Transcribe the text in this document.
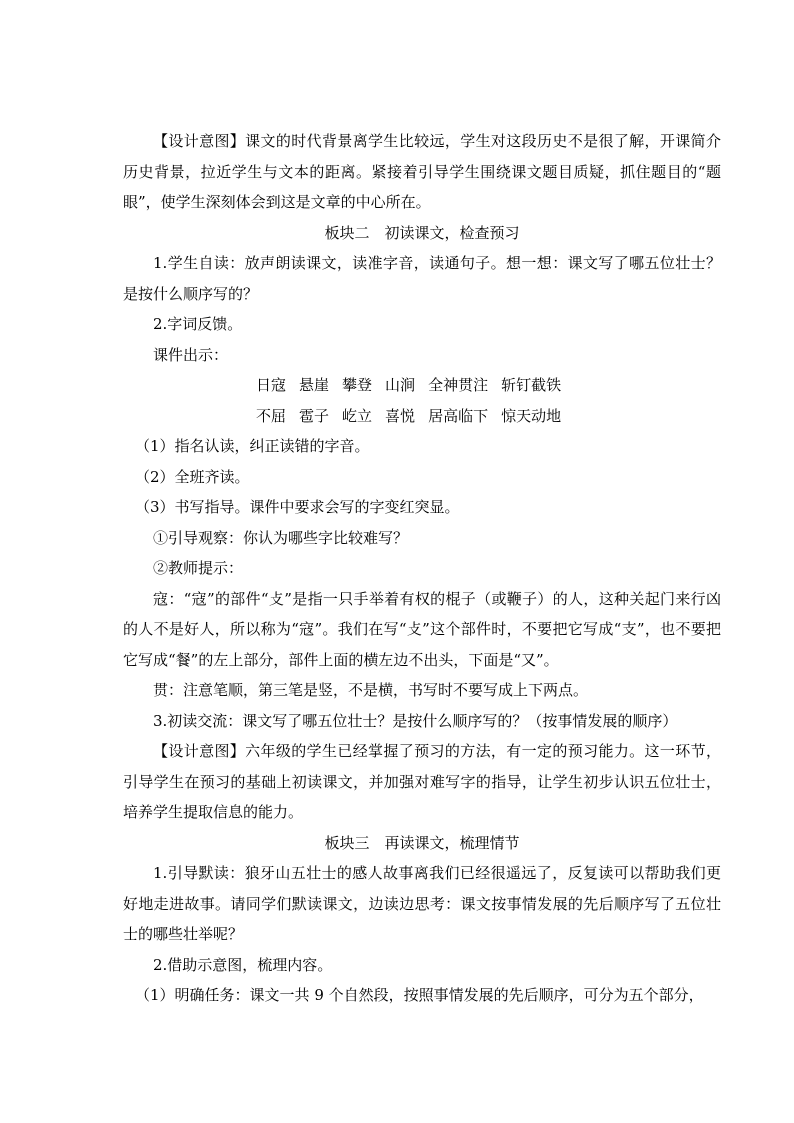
【设计意图】课文的时代背景离学生比较远，学生对这段历史不是很了解，开课简介历史背景，拉近学生与文本的距离。紧接着引导学生围绕课文题目质疑，抓住题目的“题眼”，使学生深刻体会到这是文章的中心所在。

板块二　初读课文，检查预习

1.学生自读：放声朗读课文，读准字音，读通句子。想一想：课文写了哪五位壮士？是按什么顺序写的？

2.字词反馈。

课件出示：

日寇 悬崖 攀登 山涧 全神贯注 斩钉截铁

不屈 雹子 屹立 喜悦 居高临下 惊天动地

（1）指名认读，纠正读错的字音。

（2）全班齐读。

（3）书写指导。课件中要求会写的字变红突显。

①引导观察：你认为哪些字比较难写？

②教师提示：

寇：“寇”的部件“攴”是指一只手举着有权的棍子（或鞭子）的人，这种关起门来行凶的人不是好人，所以称为“寇”。我们在写“攴”这个部件时，不要把它写成“支”，也不要把它写成“餐”的左上部分，部件上面的横左边不出头，下面是“又”。

贯：注意笔顺，第三笔是竖，不是横，书写时不要写成上下两点。

3.初读交流：课文写了哪五位壮士？是按什么顺序写的？（按事情发展的顺序）

【设计意图】六年级的学生已经掌握了预习的方法，有一定的预习能力。这一环节，引导学生在预习的基础上初读课文，并加强对难写字的指导，让学生初步认识五位壮士，培养学生提取信息的能力。

板块三　再读课文，梳理情节

1.引导默读：狼牙山五壮士的感人故事离我们已经很遥远了，反复读可以帮助我们更好地走进故事。请同学们默读课文，边读边思考：课文按事情发展的先后顺序写了五位壮士的哪些壮举呢？

2.借助示意图，梳理内容。

（1）明确任务：课文一共 9 个自然段，按照事情发展的先后顺序，可分为五个部分，
